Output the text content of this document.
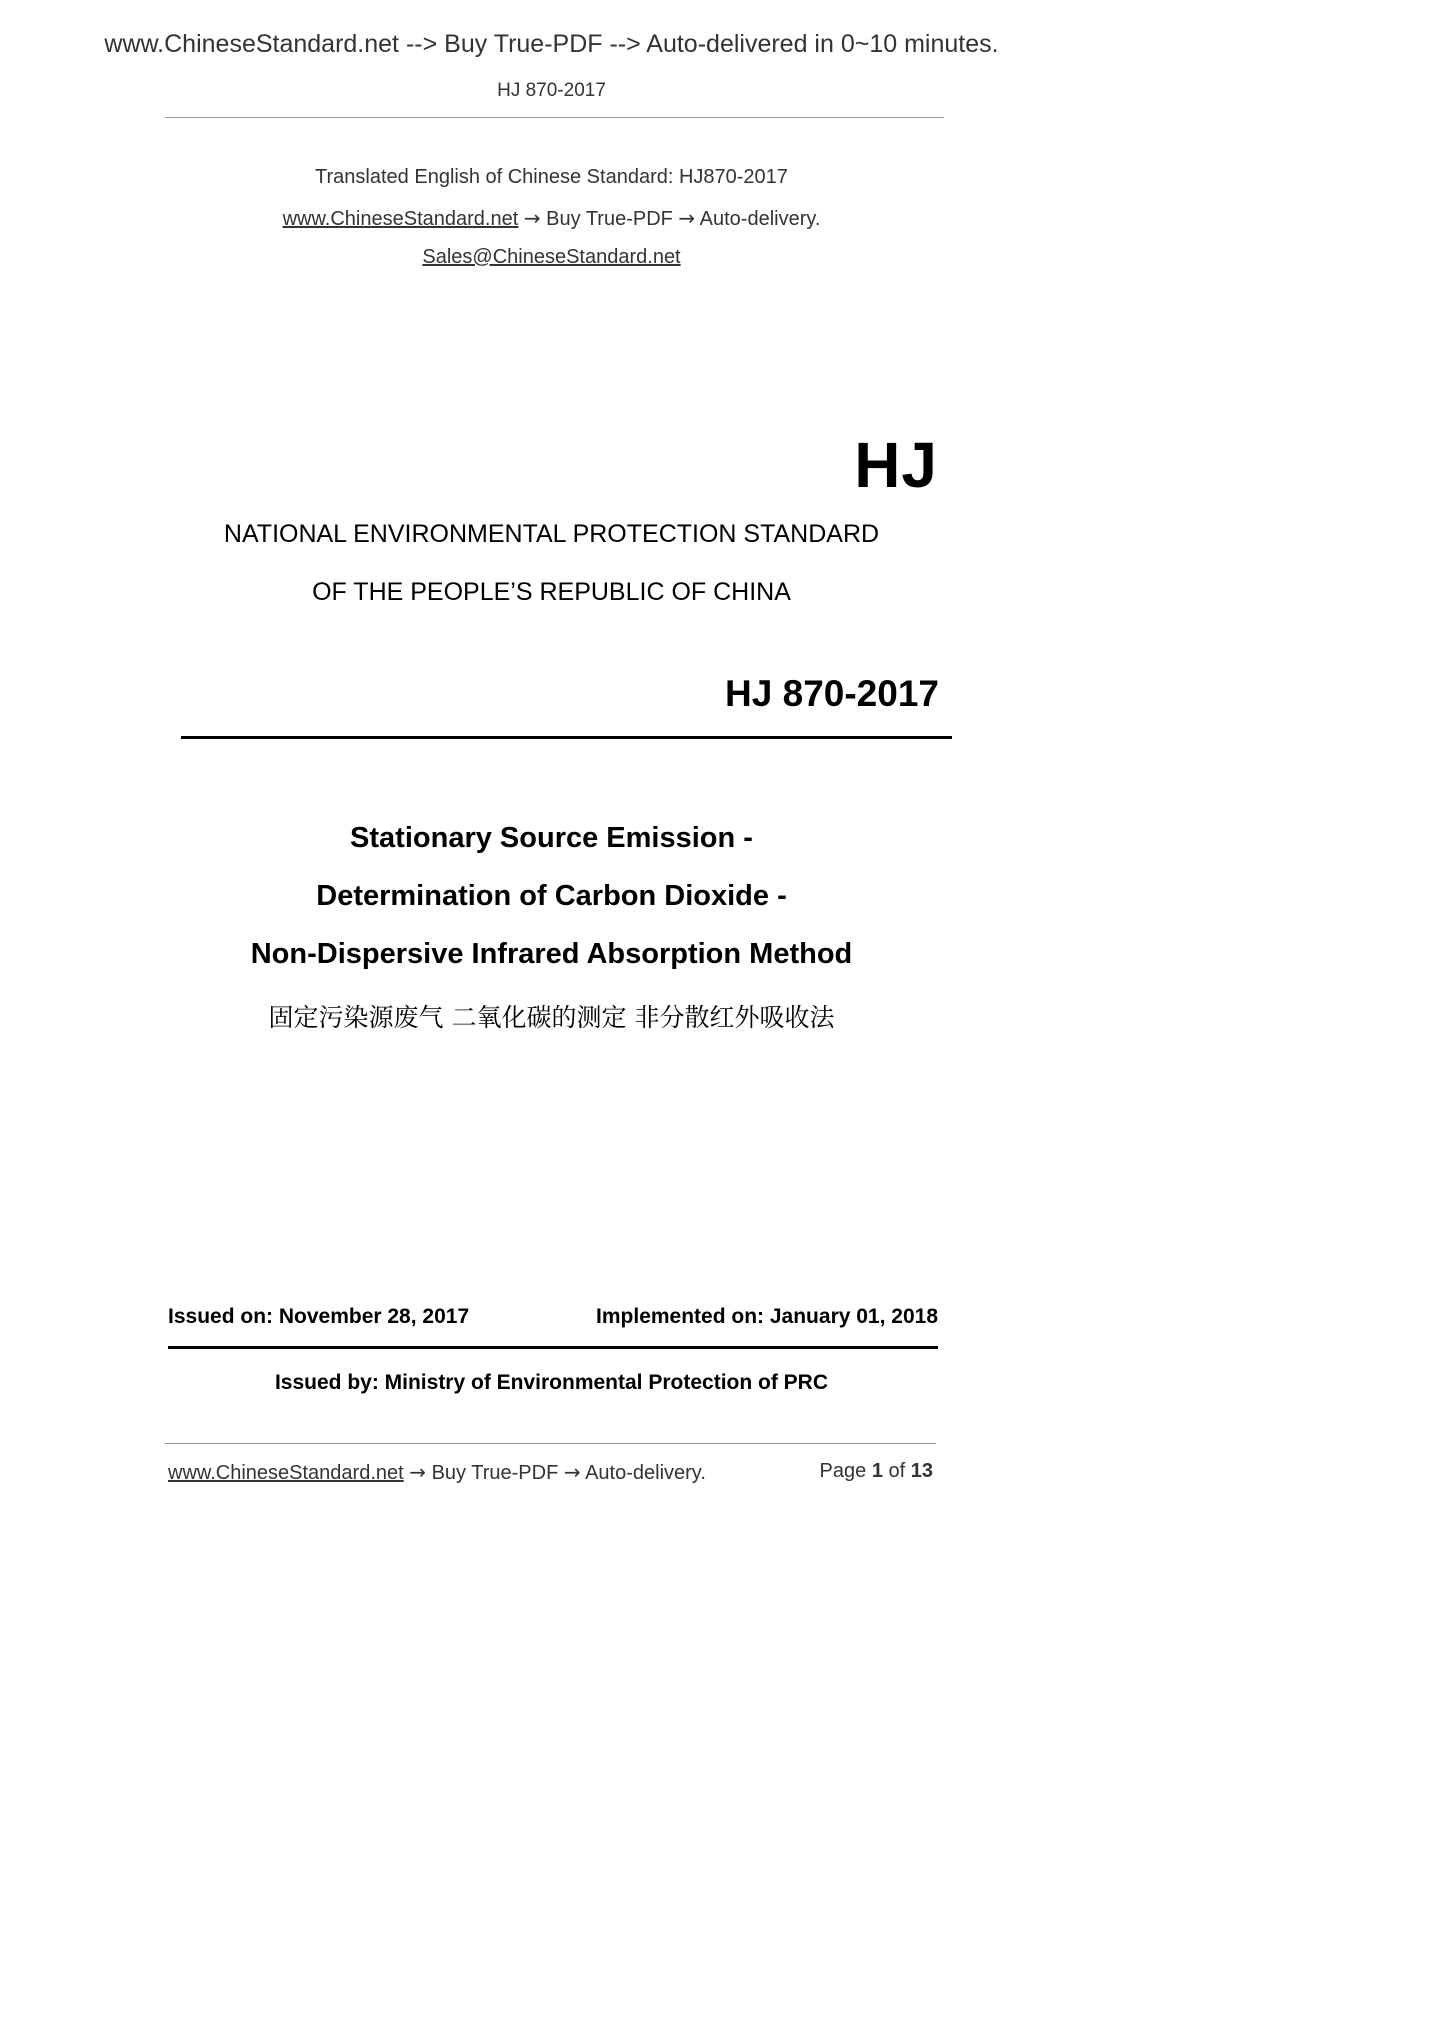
www.ChineseStandard.net --> Buy True-PDF --> Auto-delivered in 0~10 minutes.
HJ 870-2017
Translated English of Chinese Standard: HJ870-2017
www.ChineseStandard.net → Buy True-PDF → Auto-delivery.
Sales@ChineseStandard.net
HJ
NATIONAL ENVIRONMENTAL PROTECTION STANDARD
OF THE PEOPLE’S REPUBLIC OF CHINA
HJ 870-2017
Stationary Source Emission -
Determination of Carbon Dioxide -
Non-Dispersive Infrared Absorption Method
固定污染源废气 二氧化碳的测定 非分散红外吸收法
Issued on: November 28, 2017	Implemented on: January 01, 2018
Issued by: Ministry of Environmental Protection of PRC
www.ChineseStandard.net → Buy True-PDF → Auto-delivery.	Page 1 of 13
